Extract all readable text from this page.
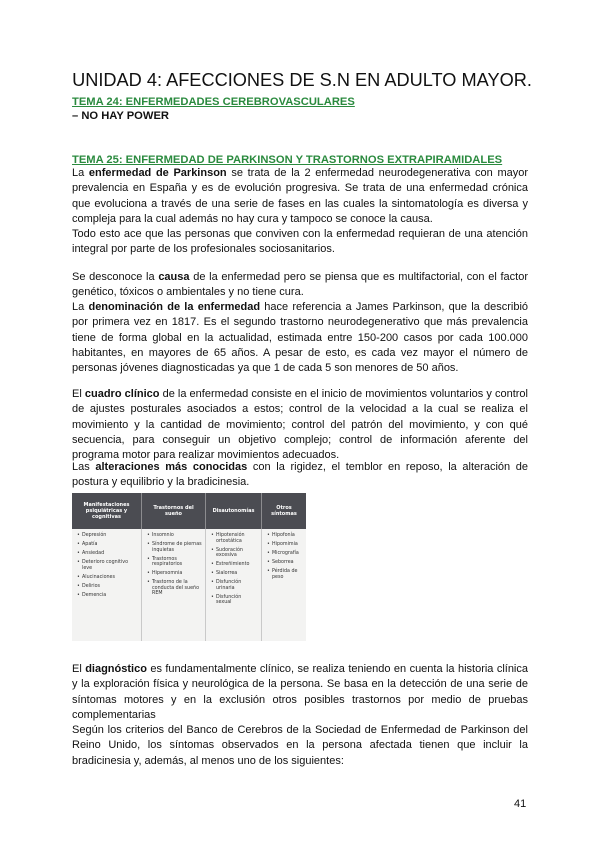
UNIDAD 4: AFECCIONES DE S.N EN ADULTO MAYOR.
TEMA 24: ENFERMEDADES CEREBROVASCULARES
– NO HAY POWER
TEMA 25: ENFERMEDAD DE PARKINSON Y TRASTORNOS EXTRAPIRAMIDALES
La enfermedad de Parkinson se trata de la 2 enfermedad neurodegenerativa con mayor prevalencia en España y es de evolución progresiva. Se trata de una enfermedad crónica que evoluciona a través de una serie de fases en las cuales la sintomatología es diversa y compleja para la cual además no hay cura y tampoco se conoce la causa.
Todo esto ace que las personas que conviven con la enfermedad requieran de una atención integral por parte de los profesionales sociosanitarios.
Se desconoce la causa de la enfermedad pero se piensa que es multifactorial, con el factor genético, tóxicos o ambientales y no tiene cura.
La denominación de la enfermedad hace referencia a James Parkinson, que la describió por primera vez en 1817. Es el segundo trastorno neurodegenerativo que más prevalencia tiene de forma global en la actualidad, estimada entre 150-200 casos por cada 100.000 habitantes, en mayores de 65 años. A pesar de esto, es cada vez mayor el número de personas jóvenes diagnosticadas ya que 1 de cada 5 son menores de 50 años.
El cuadro clínico de la enfermedad consiste en el inicio de movimientos voluntarios y control de ajustes posturales asociados a estos; control de la velocidad a la cual se realiza el movimiento y la cantidad de movimiento; control del patrón del movimiento, y con qué secuencia, para conseguir un objetivo complejo; control de información aferente del programa motor para realizar movimientos adecuados.
Las alteraciones más conocidas con la rigidez, el temblor en reposo, la alteración de postura y equilibrio y la bradicinesia.
Manifestaciones psiquiátricas y cognitivas
Trastornos del sueño	Disautonomías	Otros síntomas
• Depresión
• Apatía
• Ansiedad
• Deterioro cognitivo leve
• Alucinaciones
• Delirios
• Demencia
• Insomnio
• Síndrome de piernas inquietas
• Trastornos respiratorios
• Hipersomnia
• Trastorno de la conducta del sueño REM
• Hipotensión ortostática
• Sudoración excesiva
• Estreñimiento
• Sialorrea
• Disfunción urinaria
• Disfunción sexual
• Hipofonía
• Hipomimia
• Micrografía
• Seborrea
• Pérdida de peso
El diagnóstico es fundamentalmente clínico, se realiza teniendo en cuenta la historia clínica y la exploración física y neurológica de la persona. Se basa en la detección de una serie de síntomas motores y en la exclusión otros posibles trastornos por medio de pruebas complementarias
Según los criterios del Banco de Cerebros de la Sociedad de Enfermedad de Parkinson del Reino Unido, los síntomas observados en la persona afectada tienen que incluir la bradicinesia y, además, al menos uno de los siguientes:
41
